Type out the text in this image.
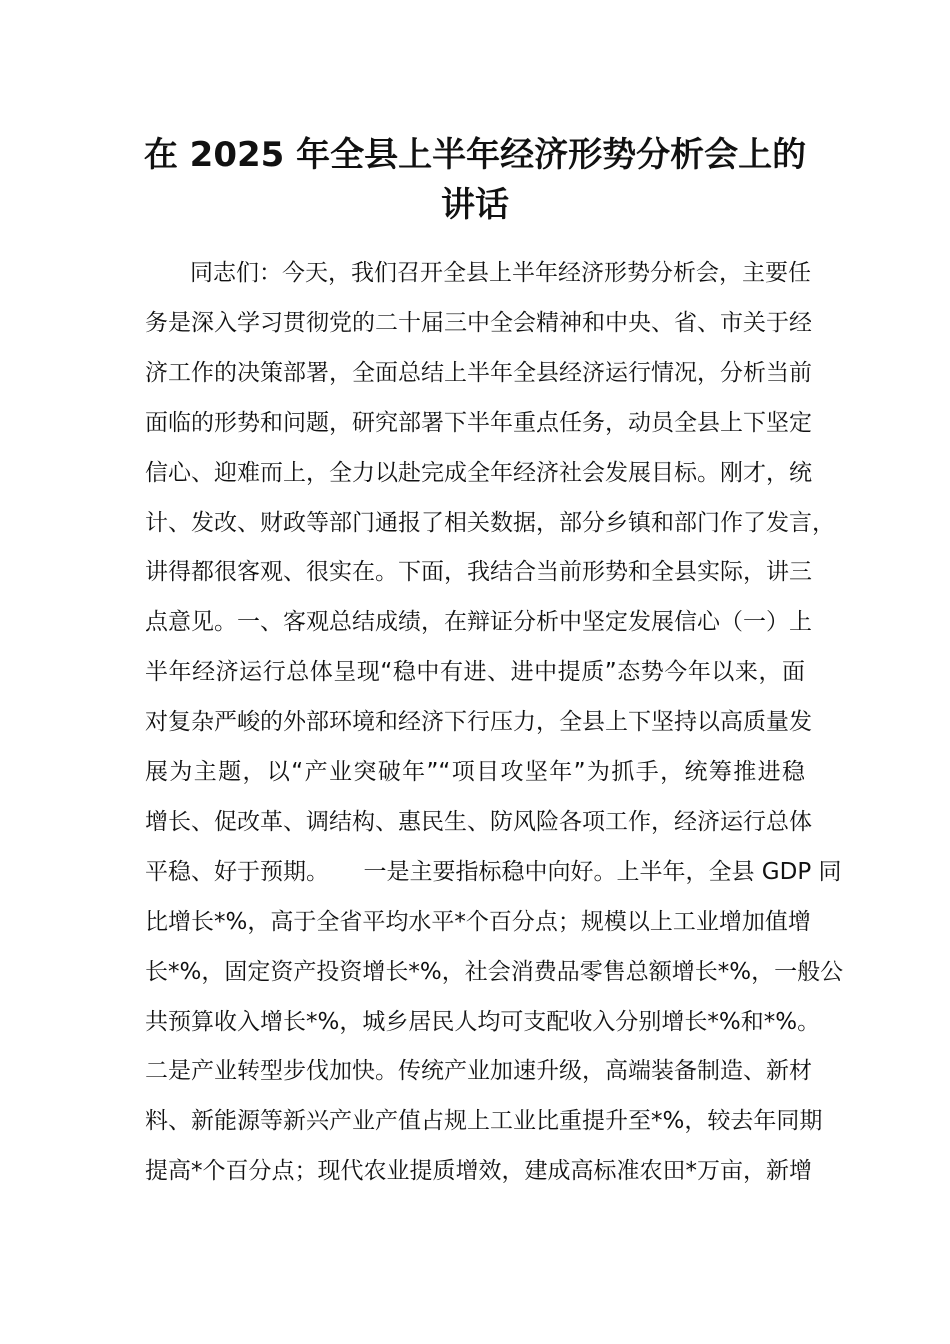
在 2025 年全县上半年经济形势分析会上的
讲话
同志们：今天，我们召开全县上半年经济形势分析会，主要任
务是深入学习贯彻党的二十届三中全会精神和中央、省、市关于经
济工作的决策部署，全面总结上半年全县经济运行情况，分析当前
面临的形势和问题，研究部署下半年重点任务，动员全县上下坚定
信心、迎难而上，全力以赴完成全年经济社会发展目标。刚才，统
计、发改、财政等部门通报了相关数据，部分乡镇和部门作了发言，
讲得都很客观、很实在。下面，我结合当前形势和全县实际，讲三
点意见。一、客观总结成绩，在辩证分析中坚定发展信心（一）上
半年经济运行总体呈现“稳中有进、进中提质”态势今年以来，面
对复杂严峻的外部环境和经济下行压力，全县上下坚持以高质量发
展为主题，以“产业突破年”“项目攻坚年”为抓手，统筹推进稳
增长、促改革、调结构、惠民生、防风险各项工作，经济运行总体
平稳、好于预期。　　一是主要指标稳中向好。上半年，全县 GDP 同
比增长*%，高于全省平均水平*个百分点；规模以上工业增加值增
长*%，固定资产投资增长*%，社会消费品零售总额增长*%，一般公
共预算收入增长*%，城乡居民人均可支配收入分别增长*%和*%。
二是产业转型步伐加快。传统产业加速升级，高端装备制造、新材
料、新能源等新兴产业产值占规上工业比重提升至*%，较去年同期
提高*个百分点；现代农业提质增效，建成高标准农田*万亩，新增
